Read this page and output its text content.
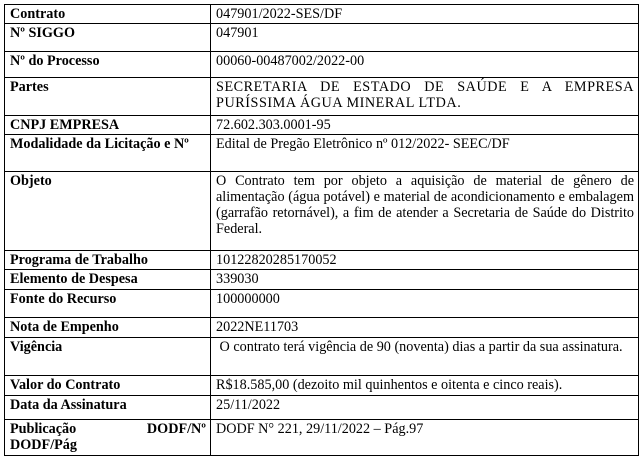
Contrato	047901/2022-SES/DF
Nº SIGGO	047901
Nº do Processo	00060-00487002/2022-00
Partes	SECRETARIA DE ESTADO DE SAÚDE E A EMPRESA PURÍSSIMA ÁGUA MINERAL LTDA.
CNPJ EMPRESA	72.602.303.0001-95
Modalidade da Licitação e Nº	Edital de Pregão Eletrônico nº 012/2022- SEEC/DF
Objeto	O Contrato tem por objeto a aquisição de material de gênero de alimentação (água potável) e material de acondicionamento e embalagem (garrafão retornável), a fim de atender a Secretaria de Saúde do Distrito Federal.
Programa de Trabalho	10122820285170052
Elemento de Despesa	339030
Fonte do Recurso	100000000
Nota de Empenho	2022NE11703
Vigência	O contrato terá vigência de 90 (noventa) dias a partir da sua assinatura.
Valor do Contrato	R$18.585,00 (dezoito mil quinhentos e oitenta e cinco reais).
Data da Assinatura	25/11/2022

Publicação DODF/Nº
DODF/Pág	DODF N° 221, 29/11/2022 – Pág.97
